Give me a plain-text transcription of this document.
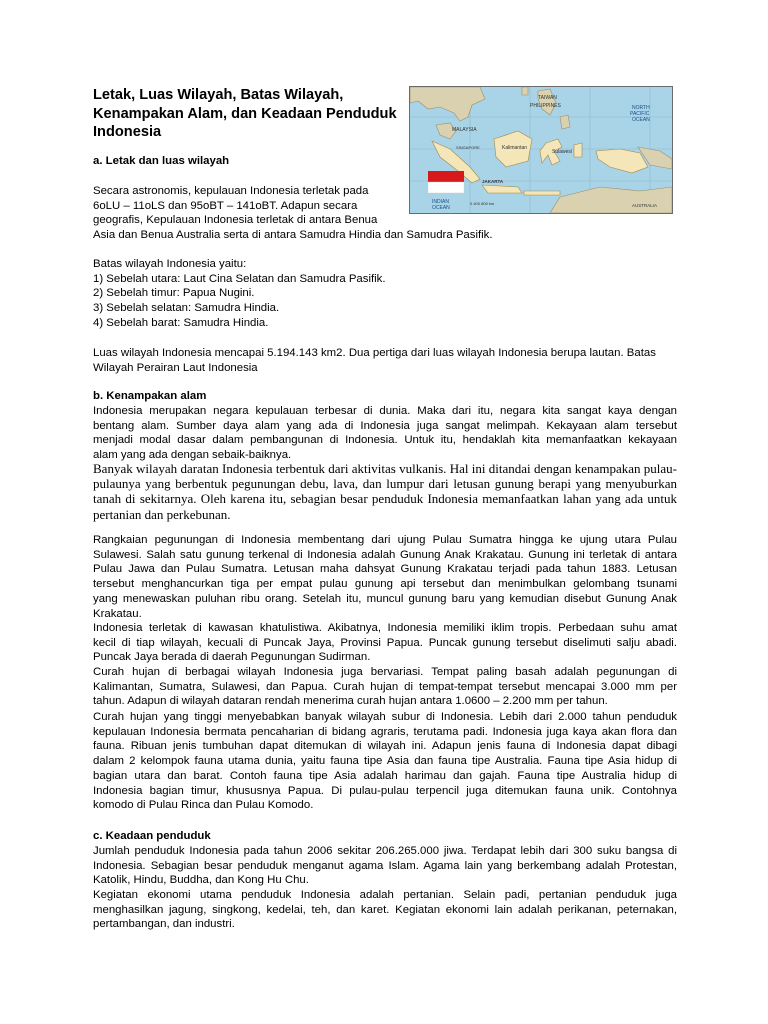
Letak, Luas Wilayah, Batas Wilayah,
Kenampakan Alam, dan Keadaan Penduduk
Indonesia
TAIWAN
PHILIPPINES	NORTH PACIFIC OCEAN
MALAYSIA
SINGAPORE	Kalimantan
Sulawesi
JAKARTA
INDIAN OCEAN	AUSTRALIA
0 400 800 km
a. Letak dan luas wilayah
Secara astronomis, kepulauan Indonesia terletak pada
6oLU – 11oLS dan 95oBT – 141oBT. Adapun secara
geografis, Kepulauan Indonesia terletak di antara Benua
Asia dan Benua Australia serta di antara Samudra Hindia dan Samudra Pasifik.
Batas wilayah Indonesia yaitu:
1) Sebelah utara: Laut Cina Selatan dan Samudra Pasifik.
2) Sebelah timur: Papua Nugini.
3) Sebelah selatan: Samudra Hindia.
4) Sebelah barat: Samudra Hindia.
Luas wilayah Indonesia mencapai 5.194.143 km2. Dua pertiga dari luas wilayah Indonesia berupa lautan. Batas
Wilayah Perairan Laut Indonesia
b. Kenampakan alam
Indonesia merupakan negara kepulauan terbesar di dunia. Maka dari itu, negara kita sangat kaya dengan
bentang alam. Sumber daya alam yang ada di Indonesia juga sangat melimpah. Kekayaan alam tersebut
menjadi modal dasar dalam pembangunan di Indonesia. Untuk itu, hendaklah kita memanfaatkan kekayaan
alam yang ada dengan sebaik-baiknya.
Banyak wilayah daratan Indonesia terbentuk dari aktivitas vulkanis. Hal ini ditandai dengan kenampakan pulau-
pulaunya yang berbentuk pegunungan debu, lava, dan lumpur dari letusan gunung berapi yang menyuburkan
tanah di sekitarnya. Oleh karena itu, sebagian besar penduduk Indonesia memanfaatkan lahan yang ada untuk
pertanian dan perkebunan.
Rangkaian pegunungan di Indonesia membentang dari ujung Pulau Sumatra hingga ke ujung utara Pulau
Sulawesi. Salah satu gunung terkenal di Indonesia adalah Gunung Anak Krakatau. Gunung ini terletak di antara
Pulau Jawa dan Pulau Sumatra. Letusan maha dahsyat Gunung Krakatau terjadi pada tahun 1883. Letusan
tersebut menghancurkan tiga per empat pulau gunung api tersebut dan menimbulkan gelombang tsunami
yang menewaskan puluhan ribu orang. Setelah itu, muncul gunung baru yang kemudian disebut Gunung Anak
Krakatau.
Indonesia terletak di kawasan khatulistiwa. Akibatnya, Indonesia memiliki iklim tropis. Perbedaan suhu amat
kecil di tiap wilayah, kecuali di Puncak Jaya, Provinsi Papua. Puncak gunung tersebut diselimuti salju abadi.
Puncak Jaya berada di daerah Pegunungan Sudirman.
Curah hujan di berbagai wilayah Indonesia juga bervariasi. Tempat paling basah adalah pegunungan di
Kalimantan, Sumatra, Sulawesi, dan Papua. Curah hujan di tempat-tempat tersebut mencapai 3.000 mm per
tahun. Adapun di wilayah dataran rendah menerima curah hujan antara 1.0600 – 2.200 mm per tahun.
Curah hujan yang tinggi menyebabkan banyak wilayah subur di Indonesia. Lebih dari 2.000 tahun penduduk
kepulauan Indonesia bermata pencaharian di bidang agraris, terutama padi. Indonesia juga kaya akan flora dan
fauna. Ribuan jenis tumbuhan dapat ditemukan di wilayah ini. Adapun jenis fauna di Indonesia dapat dibagi
dalam 2 kelompok fauna utama dunia, yaitu fauna tipe Asia dan fauna tipe Australia. Fauna tipe Asia hidup di
bagian utara dan barat. Contoh fauna tipe Asia adalah harimau dan gajah. Fauna tipe Australia hidup di
Indonesia bagian timur, khususnya Papua. Di pulau-pulau terpencil juga ditemukan fauna unik. Contohnya
komodo di Pulau Rinca dan Pulau Komodo.
c. Keadaan penduduk
Jumlah penduduk Indonesia pada tahun 2006 sekitar 206.265.000 jiwa. Terdapat lebih dari 300 suku bangsa di
Indonesia. Sebagian besar penduduk menganut agama Islam. Agama lain yang berkembang adalah Protestan,
Katolik, Hindu, Buddha, dan Kong Hu Chu.
Kegiatan ekonomi utama penduduk Indonesia adalah pertanian. Selain padi, pertanian penduduk juga
menghasilkan jagung, singkong, kedelai, teh, dan karet. Kegiatan ekonomi lain adalah perikanan, peternakan,
pertambangan, dan industri.
